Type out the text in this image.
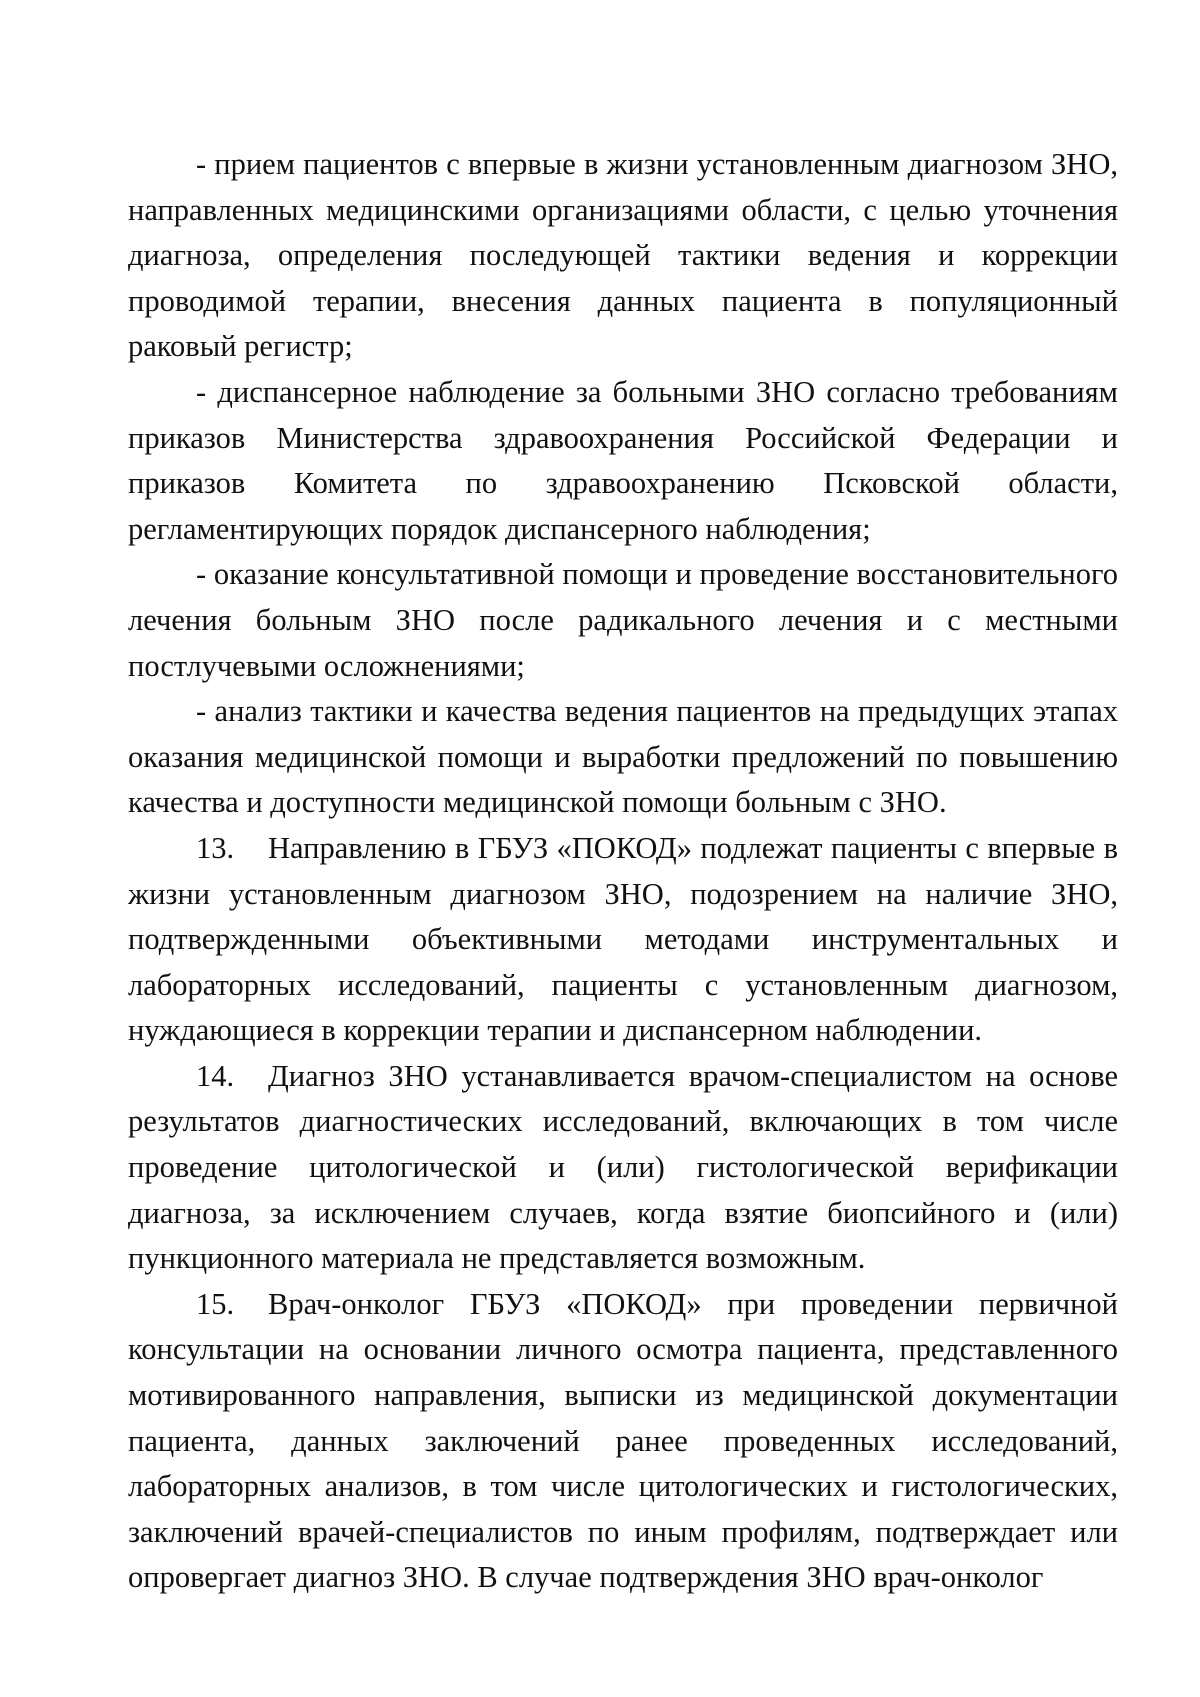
- прием пациентов с впервые в жизни установленным диагнозом ЗНО, направленных медицинскими организациями области, с целью уточнения диагноза, определения последующей тактики ведения и коррекции проводимой терапии, внесения данных пациента в популяционный раковый регистр;

- диспансерное наблюдение за больными ЗНО согласно требованиям приказов Министерства здравоохранения Российской Федерации и приказов Комитета по здравоохранению Псковской области, регламентирующих порядок диспансерного наблюдения;

- оказание консультативной помощи и проведение восстановительного лечения больным ЗНО после радикального лечения и с местными постлучевыми осложнениями;

- анализ тактики и качества ведения пациентов на предыдущих этапах оказания медицинской помощи и выработки предложений по повышению качества и доступности медицинской помощи больным с ЗНО.

13. Направлению в ГБУЗ «ПОКОД» подлежат пациенты с впервые в жизни установленным диагнозом ЗНО, подозрением на наличие ЗНО, подтвержденными объективными методами инструментальных и лабораторных исследований, пациенты с установленным диагнозом, нуждающиеся в коррекции терапии и диспансерном наблюдении.

14. Диагноз ЗНО устанавливается врачом-специалистом на основе результатов диагностических исследований, включающих в том числе проведение цитологической и (или) гистологической верификации диагноза, за исключением случаев, когда взятие биопсийного и (или) пункционного материала не представляется возможным.

15. Врач-онколог ГБУЗ «ПОКОД» при проведении первичной консультации на основании личного осмотра пациента, представленного мотивированного направления, выписки из медицинской документации пациента, данных заключений ранее проведенных исследований, лабораторных анализов, в том числе цитологических и гистологических, заключений врачей-специалистов по иным профилям, подтверждает или опровергает диагноз ЗНО. В случае подтверждения ЗНО врач-онколог
